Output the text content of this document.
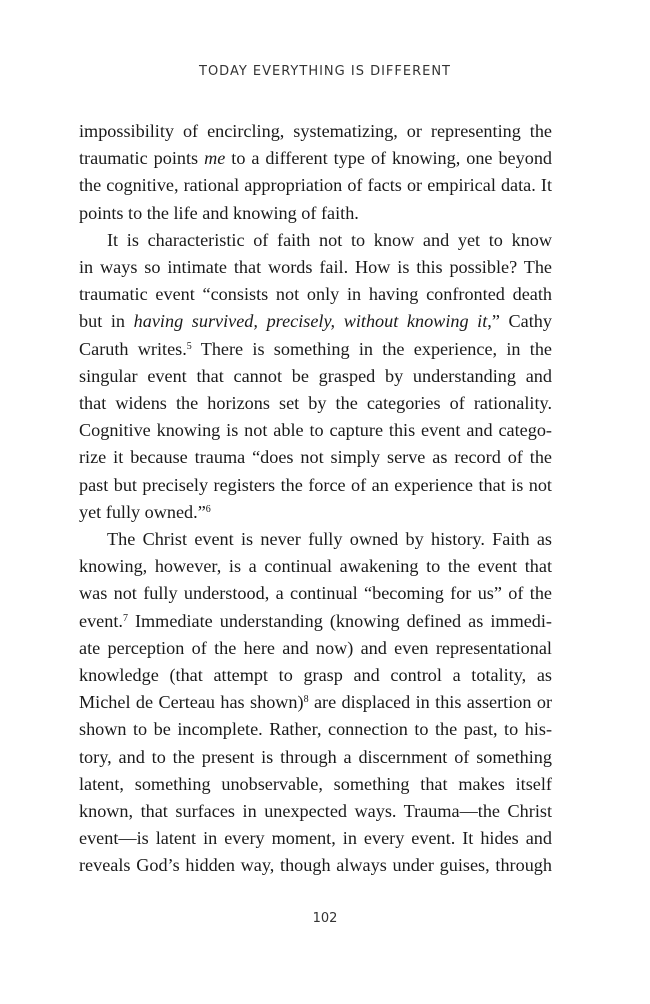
TODAY EVERYTHING IS DIFFERENT

impossibility of encircling, systematizing, or representing the
traumatic points me to a different type of knowing, one beyond
the cognitive, rational appropriation of facts or empirical data. It
points to the life and knowing of faith.

It is characteristic of faith not to know and yet to know
in ways so intimate that words fail. How is this possible? The
traumatic event “consists not only in having confronted death
but in having survived, precisely, without knowing it,” Cathy
Caruth writes.$^5$ There is something in the experience, in the
singular event that cannot be grasped by understanding and
that widens the horizons set by the categories of rationality.
Cognitive knowing is not able to capture this event and catego-
rize it because trauma “does not simply serve as record of the
past but precisely registers the force of an experience that is not
yet fully owned.”$^6$

The Christ event is never fully owned by history. Faith as
knowing, however, is a continual awakening to the event that
was not fully understood, a continual “becoming for us” of the
event.$^7$ Immediate understanding (knowing defined as immedi-
ate perception of the here and now) and even representational
knowledge (that attempt to grasp and control a totality, as
Michel de Certeau has shown)$^8$ are displaced in this assertion or
shown to be incomplete. Rather, connection to the past, to his-
tory, and to the present is through a discernment of something
latent, something unobservable, something that makes itself
known, that surfaces in unexpected ways. Trauma—the Christ
event—is latent in every moment, in every event. It hides and
reveals God’s hidden way, though always under guises, through

102
